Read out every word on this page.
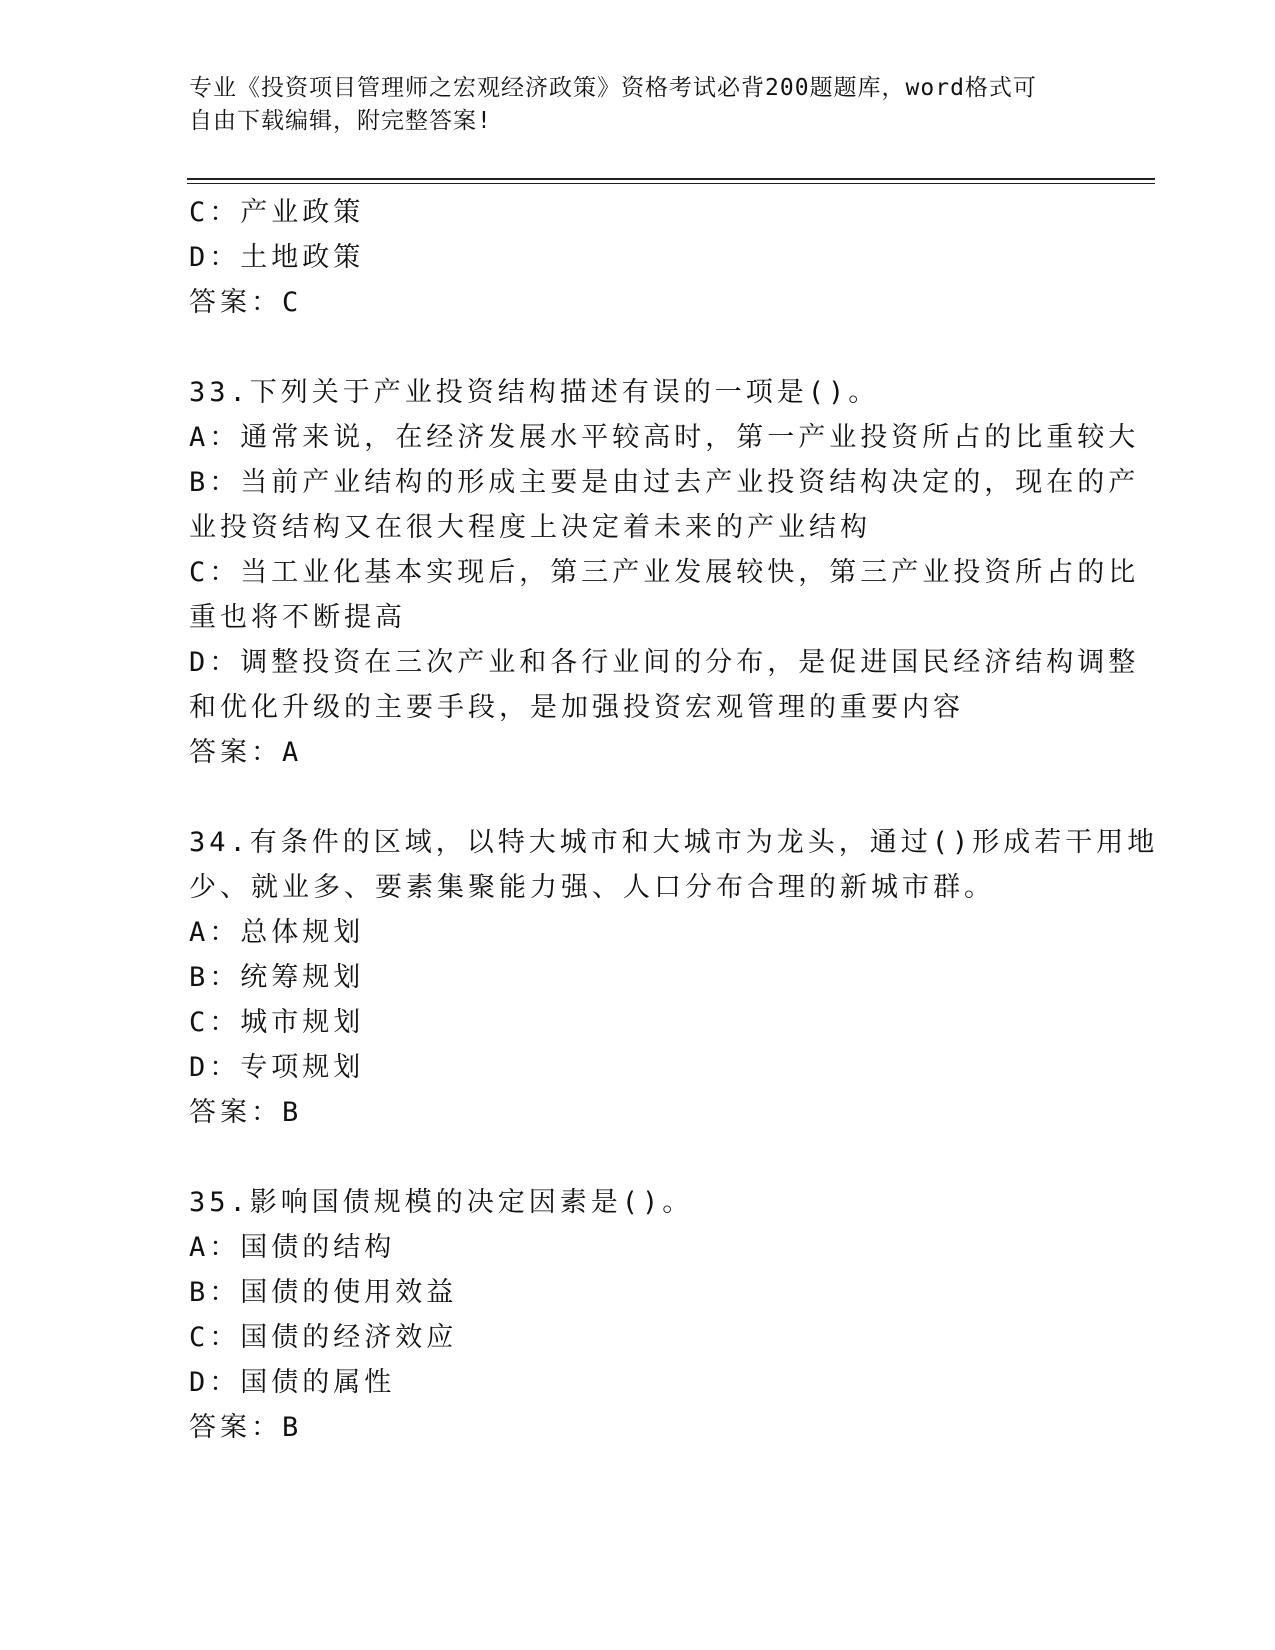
专业《投资项目管理师之宏观经济政策》资格考试必背200题题库，word格式可
自由下载编辑，附完整答案!
C：产业政策
D：土地政策
答案：C
33.下列关于产业投资结构描述有误的一项是()。
A：通常来说，在经济发展水平较高时，第一产业投资所占的比重较大
B：当前产业结构的形成主要是由过去产业投资结构决定的，现在的产
业投资结构又在很大程度上决定着未来的产业结构
C：当工业化基本实现后，第三产业发展较快，第三产业投资所占的比
重也将不断提高
D：调整投资在三次产业和各行业间的分布，是促进国民经济结构调整
和优化升级的主要手段，是加强投资宏观管理的重要内容
答案：A
34.有条件的区域，以特大城市和大城市为龙头，通过()形成若干用地
少、就业多、要素集聚能力强、人口分布合理的新城市群。
A：总体规划
B：统筹规划
C：城市规划
D：专项规划
答案：B
35.影响国债规模的决定因素是()。
A：国债的结构
B：国债的使用效益
C：国债的经济效应
D：国债的属性
答案：B
